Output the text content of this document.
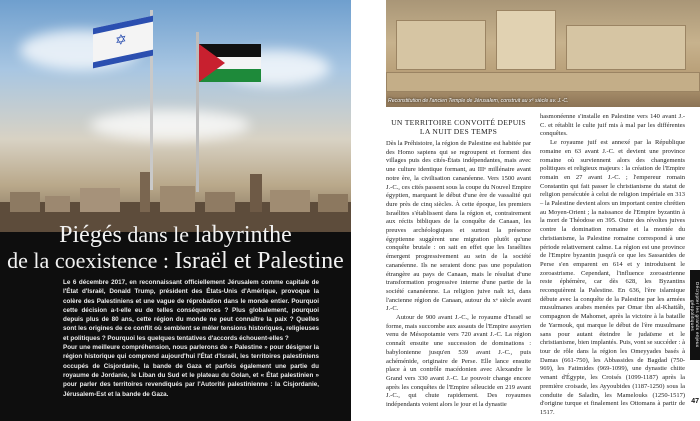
✡
Piégés dans le labyrinthe
de la coexistence : Israël et Palestine

Le 6 décembre 2017, en reconnaissant officiellement Jérusalem comme capitale de l'État d'Israël, Donald Trump, président des États-Unis d'Amérique, provoque la colère des Palestiniens et une vague de réprobation dans le monde entier. Pourquoi cette décision a-t-elle eu de telles conséquences ? Plus globalement, pourquoi depuis plus de 80 ans, cette région du monde ne peut connaître la paix ? Quelles sont les origines de ce conflit où semblent se mêler tensions historiques, religieuses et politiques ? Pourquoi les quelques tentatives d'accords échouent-elles ?

Pour une meilleure compréhension, nous parlerons de « Palestine » pour désigner la région historique qui comprend aujourd'hui l'État d'Israël, les territoires palestiniens occupés de Cisjordanie, la bande de Gaza et parfois également une partie du royaume de Jordanie, le Liban du Sud et le plateau du Golan, et « État palestinien » pour parler des territoires revendiqués par l'Autorité palestinienne : la Cisjordanie, Jérusalem-Est et la bande de Gaza.

Reconstitution de l'ancien Temple de Jérusalem, construit au xᵉ siècle av. J.-C.
UN TERRITOIRE CONVOITÉ DEPUIS
LA NUIT DES TEMPS

Dès la Préhistoire, la région de Palestine est habitée par des Homo sapiens qui se regroupent et forment des villages puis des cités-États indépendantes, mais avec une culture identique formant, au IIIᵉ millénaire avant notre ère, la civilisation cananéenne. Vers 1500 avant J.-C., ces cités passent sous la coupe du Nouvel Empire égyptien, marquant le début d'une ère de vassalité qui dure près de cinq siècles. À cette époque, les premiers Israélites s'établissent dans la région et, contrairement aux récits bibliques de la conquête de Canaan, les preuves archéologiques et surtout la présence égyptienne suggèrent une migration plutôt qu'une conquête brutale : on sait en effet que les Israélites émergent progressivement au sein de la société cananéenne. Ils ne seraient donc pas une population étrangère au pays de Canaan, mais le résultat d'une transformation progressive interne d'une partie de la société cananéenne. La religion juive naît ici, dans l'ancienne région de Canaan, autour du xᵉ siècle avant J.-C.

Autour de 900 avant J.-C., le royaume d'Israël se forme, mais succombe aux assauts de l'Empire assyrien venu de Mésopotamie vers 720 avant J.-C. La région connaît ensuite une succession de dominations : babylonienne jusqu'en 539 avant J.-C., puis achéménide, originaire de Perse. Elle lance ensuite place à un contrôle macédonien avec Alexandre le Grand vers 330 avant J.-C. Le pouvoir change encore après les conquêtes de l'Empire séleucide en 219 avant J.-C., qui chute rapidement. Des royaumes indépendants voient alors le jour et la dynastie

hasmonéenne s'installe en Palestine vers 140 avant J.-C. et rétablit le culte juif mis à mal par les différentes conquêtes.

Le royaume juif est annexé par la République romaine en 63 avant J.-C. et devient une province romaine où surviennent alors des changements politiques et religieux majeurs : la création de l'Empire romain en 27 avant J.-C. ; l'empereur romain Constantin qui fait passer le christianisme du statut de religion persécutée à celui de religion impériale en 313 – la Palestine devient alors un important centre chrétien au Moyen-Orient ; la naissance de l'Empire byzantin à la mort de Théodose en 395. Outre des révoltes juives contre la domination romaine et la montée du christianisme, la Palestine romaine correspond à une période relativement calme. La région est une province de l'Empire byzantin jusqu'à ce que les Sassanides de Perse s'en emparent en 614 et y introduisent le zoroastrisme. Cependant, l'influence zoroastrienne reste éphémère, car dès 628, les Byzantins reconquièrent la Palestine. En 636, l'ère islamique débute avec la conquête de la Palestine par les armées musulmanes arabes menées par Omar ibn al-Khattâb, compagnon de Mahomet, après la victoire à la bataille de Yarmouk, qui marque le début de l'ère musulmane sans pour autant éteindre le judaïsme et le christianisme, bien implantés. Puis, vont se succéder : à tour de rôle dans la région les Omeyyades basés à Damas (661-750), les Abbassides de Bagdad (750-969), les Fatimides (969-1099), une dynastie chiite venant d'Égypte, les Croisés (1099-1187) après la première croisade, les Ayyoubides (1187-1250) sous la conduite de Saladin, les Mamelouks (1250-1517) d'origine turque et finalement les Ottomans à partir de 1517.

Décrypter les grands enjeux géopolitiques
47
